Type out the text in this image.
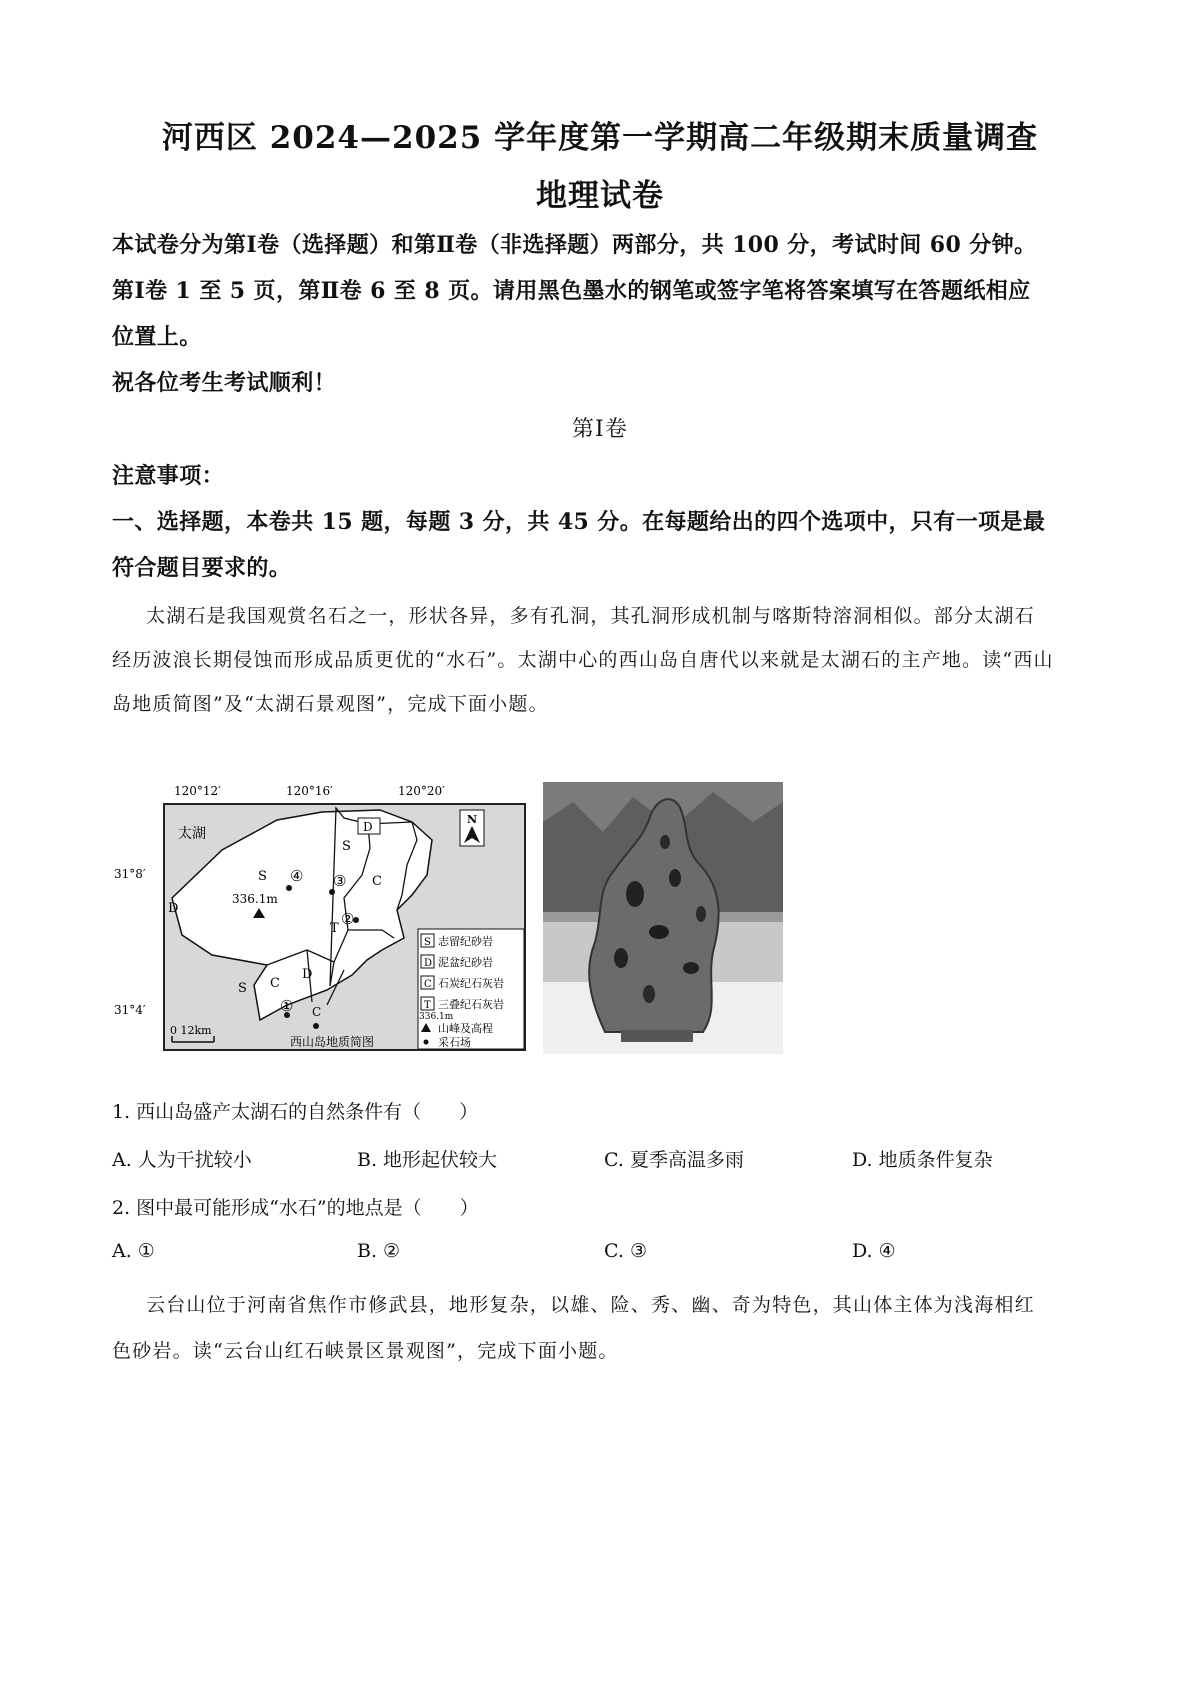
河西区 2024—2025 学年度第一学期高二年级期末质量调查
地理试卷
本试卷分为第Ⅰ卷（选择题）和第Ⅱ卷（非选择题）两部分，共 100 分，考试时间 60 分钟。
第Ⅰ卷 1 至 5 页，第Ⅱ卷 6 至 8 页。请用黑色墨水的钢笔或签字笔将答案填写在答题纸相应
位置上。
祝各位考生考试顺利！
第Ⅰ卷
注意事项：
一、选择题，本卷共 15 题，每题 3 分，共 45 分。在每题给出的四个选项中，只有一项是最
符合题目要求的。
太湖石是我国观赏名石之一，形状各异，多有孔洞，其孔洞形成机制与喀斯特溶洞相似。部分太湖石
经历波浪长期侵蚀而形成品质更优的“水石”。太湖中心的西山岛自唐代以来就是太湖石的主产地。读“西山
岛地质简图”及“太湖石景观图”，完成下面小题。
120°12′	120°16′	120°20′
31°8′
31°4′
D
太湖
S
S
C
D
T
D
C
S
C
336.1m
④ ③
②
①
N
S 志留纪砂岩
D 泥盆纪砂岩
C 石炭纪石灰岩
T 三叠纪石灰岩
336.1m
山峰及高程
采石场
0 12km
西山岛地质简图
1. 西山岛盛产太湖石的自然条件有（　　）
A. 人为干扰较小	B. 地形起伏较大	C. 夏季高温多雨	D. 地质条件复杂
2. 图中最可能形成“水石”的地点是（　　）
A. ①	B. ②	C. ③	D. ④
云台山位于河南省焦作市修武县，地形复杂，以雄、险、秀、幽、奇为特色，其山体主体为浅海相红
色砂岩。读“云台山红石峡景区景观图”，完成下面小题。
